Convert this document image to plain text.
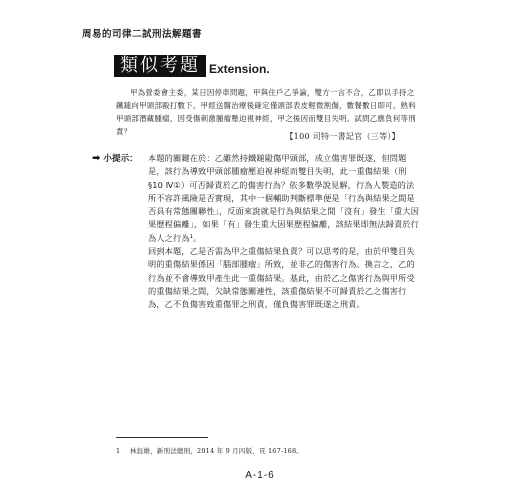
周易的司律二試刑法解題書
類似考題 Extension.

甲為營委會主委，某日因停車問題，甲與住戶乙爭論，雙方一言不合，乙即以手持之鐵鎚向甲頭部毆打數下。甲經送醫治療後確定僅頭部表皮輕微割傷，數餐數日即可。熟料甲頭部潛藏腫瘤，因受傷刺激腫瘤壓迫視神經，甲之後因而雙目失明。試問乙應負何等刑責？

【100 司特一書記官（三等）】
➡ 小提示： 本題的關鍵在於：乙雖然持鐵鎚毆傷甲頭部，成立傷害罪既遂，但問題是，該行為導致甲頭部腫瘤壓迫視神經而雙目失明，此一重傷結果（刑 §10 Ⅳ①）可否歸責於乙的傷害行為？依多數學說見解，行為人製造的法所不容許風險是否實現，其中一個輔助判斷標準便是「行為與結果之間是否具有常態關聯性」，反面來說就是行為與結果之間「沒有」發生「重大因果歷程偏離」，如果「有」發生重大因果歷程偏離，該結果即無法歸責於行為人之行為¹。

回到本題，乙是否需為甲之重傷結果負責？可以思考的是，由於甲雙目失明的重傷結果係因「腦部腫瘤」所致，並非乙的傷害行為。換言之，乙的行為並不會導致甲產生此一重傷結果。基此，由於乙之傷害行為與甲所受的重傷結果之間，欠缺常態關連性，該重傷結果不可歸責於乙之傷害行為，乙不負傷害致重傷罪之刑責，僅負傷害罪既遂之刑責。

1 林鈺雄，新刑法總則，2014 年 9 月四版，頁 167-168。
A-1-6
